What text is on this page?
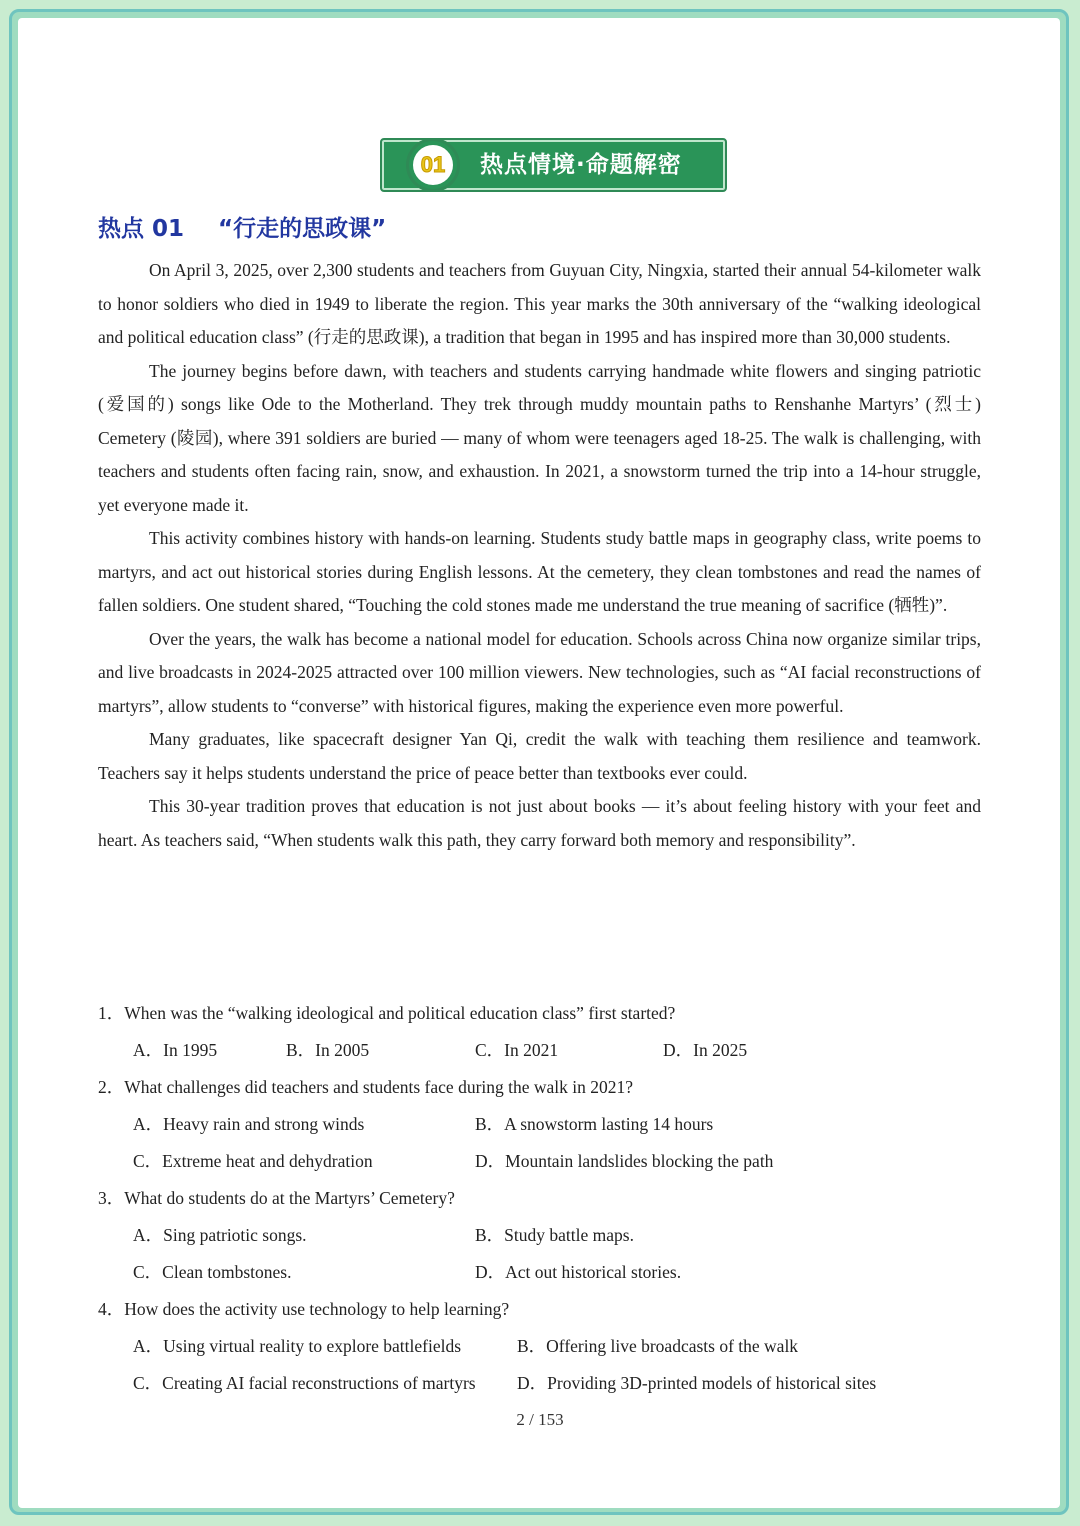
01	热点情境·命题解密
热点 01 “行走的思政课”

On April 3, 2025, over 2,300 students and teachers from Guyuan City, Ningxia, started their annual 54-kilometer walk to honor soldiers who died in 1949 to liberate the region. This year marks the 30th anniversary of the “walking ideological and political education class” (行走的思政课), a tradition that began in 1995 and has inspired more than 30,000 students.

The journey begins before dawn, with teachers and students carrying handmade white flowers and singing patriotic (爱国的) songs like Ode to the Motherland. They trek through muddy mountain paths to Renshanhe Martyrs’ (烈士) Cemetery (陵园), where 391 soldiers are buried — many of whom were teenagers aged 18-25. The walk is challenging, with teachers and students often facing rain, snow, and exhaustion. In 2021, a snowstorm turned the trip into a 14-hour struggle, yet everyone made it.

This activity combines history with hands-on learning. Students study battle maps in geography class, write poems to martyrs, and act out historical stories during English lessons. At the cemetery, they clean tombstones and read the names of fallen soldiers. One student shared, “Touching the cold stones made me understand the true meaning of sacrifice (牺牲)”.

Over the years, the walk has become a national model for education. Schools across China now organize similar trips, and live broadcasts in 2024-2025 attracted over 100 million viewers. New technologies, such as “AI facial reconstructions of martyrs”, allow students to “converse” with historical figures, making the experience even more powerful.

Many graduates, like spacecraft designer Yan Qi, credit the walk with teaching them resilience and teamwork. Teachers say it helps students understand the price of peace better than textbooks ever could.

This 30-year tradition proves that education is not just about books — it’s about feeling history with your feet and heart. As teachers said, “When students walk this path, they carry forward both memory and responsibility”.

1．When was the “walking ideological and political education class” first started?
A．In 1995	B．In 2005	C．In 2021	D．In 2025
2．What challenges did teachers and students face during the walk in 2021?
A．Heavy rain and strong winds	B．A snowstorm lasting 14 hours
C．Extreme heat and dehydration	D．Mountain landslides blocking the path
3．What do students do at the Martyrs’ Cemetery?
A．Sing patriotic songs.	B．Study battle maps.
C．Clean tombstones.	D．Act out historical stories.
4．How does the activity use technology to help learning?
A．Using virtual reality to explore battlefields	B．Offering live broadcasts of the walk
C．Creating AI facial reconstructions of martyrs D．Providing 3D-printed models of historical sites
2 / 153
